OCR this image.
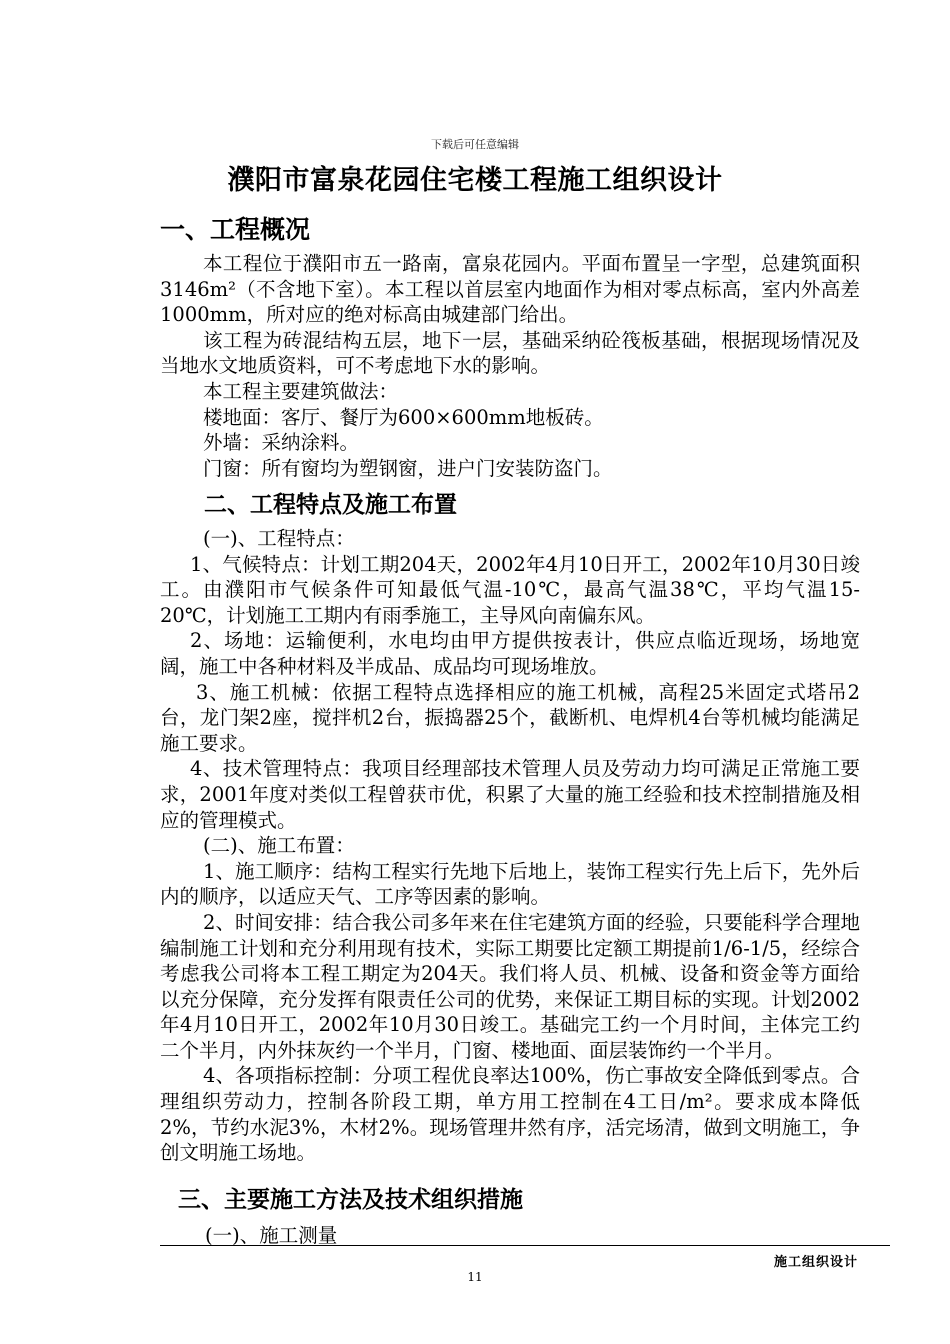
下载后可任意编辑
濮阳市富泉花园住宅楼工程施工组织设计
一、工程概况

本工程位于濮阳市五一路南，富泉花园内。平面布置呈一字型，总建筑面积3146m²（不含地下室）。本工程以首层室内地面作为相对零点标高，室内外高差1000mm，所对应的绝对标高由城建部门给出。

该工程为砖混结构五层，地下一层，基础采纳砼筏板基础，根据现场情况及当地水文地质资料，可不考虑地下水的影响。

本工程主要建筑做法：

楼地面：客厅、餐厅为600×600mm地板砖。

外墙：采纳涂料。

门窗：所有窗均为塑钢窗，进户门安装防盗门。

二、工程特点及施工布置

(一)、工程特点：

1、气候特点：计划工期204天，2002年4月10日开工，2002年10月30日竣工。由濮阳市气候条件可知最低气温-10℃，最高气温38℃，平均气温15-20℃，计划施工工期内有雨季施工，主导风向南偏东风。

2、场地：运输便利，水电均由甲方提供按表计，供应点临近现场，场地宽阔，施工中各种材料及半成品、成品均可现场堆放。

3、施工机械：依据工程特点选择相应的施工机械，高程25米固定式塔吊2台，龙门架2座，搅拌机2台，振捣器25个，截断机、电焊机4台等机械均能满足施工要求。

4、技术管理特点：我项目经理部技术管理人员及劳动力均可满足正常施工要求，2001年度对类似工程曾获市优，积累了大量的施工经验和技术控制措施及相应的管理模式。

(二)、施工布置：

1、施工顺序：结构工程实行先地下后地上，装饰工程实行先上后下，先外后内的顺序，以适应天气、工序等因素的影响。

2、时间安排：结合我公司多年来在住宅建筑方面的经验，只要能科学合理地编制施工计划和充分利用现有技术，实际工期要比定额工期提前1/6-1/5，经综合考虑我公司将本工程工期定为204天。我们将人员、机械、设备和资金等方面给以充分保障，充分发挥有限责任公司的优势，来保证工期目标的实现。计划2002年4月10日开工，2002年10月30日竣工。基础完工约一个月时间，主体完工约二个半月，内外抹灰约一个半月，门窗、楼地面、面层装饰约一个半月。

4、各项指标控制：分项工程优良率达100%，伤亡事故安全降低到零点。合理组织劳动力，控制各阶段工期，单方用工控制在4工日/m²。要求成本降低2%，节约水泥3%，木材2%。现场管理井然有序，活完场清，做到文明施工，争创文明施工场地。

三、主要施工方法及技术组织措施
(一)、施工测量
施工组织设计
11
